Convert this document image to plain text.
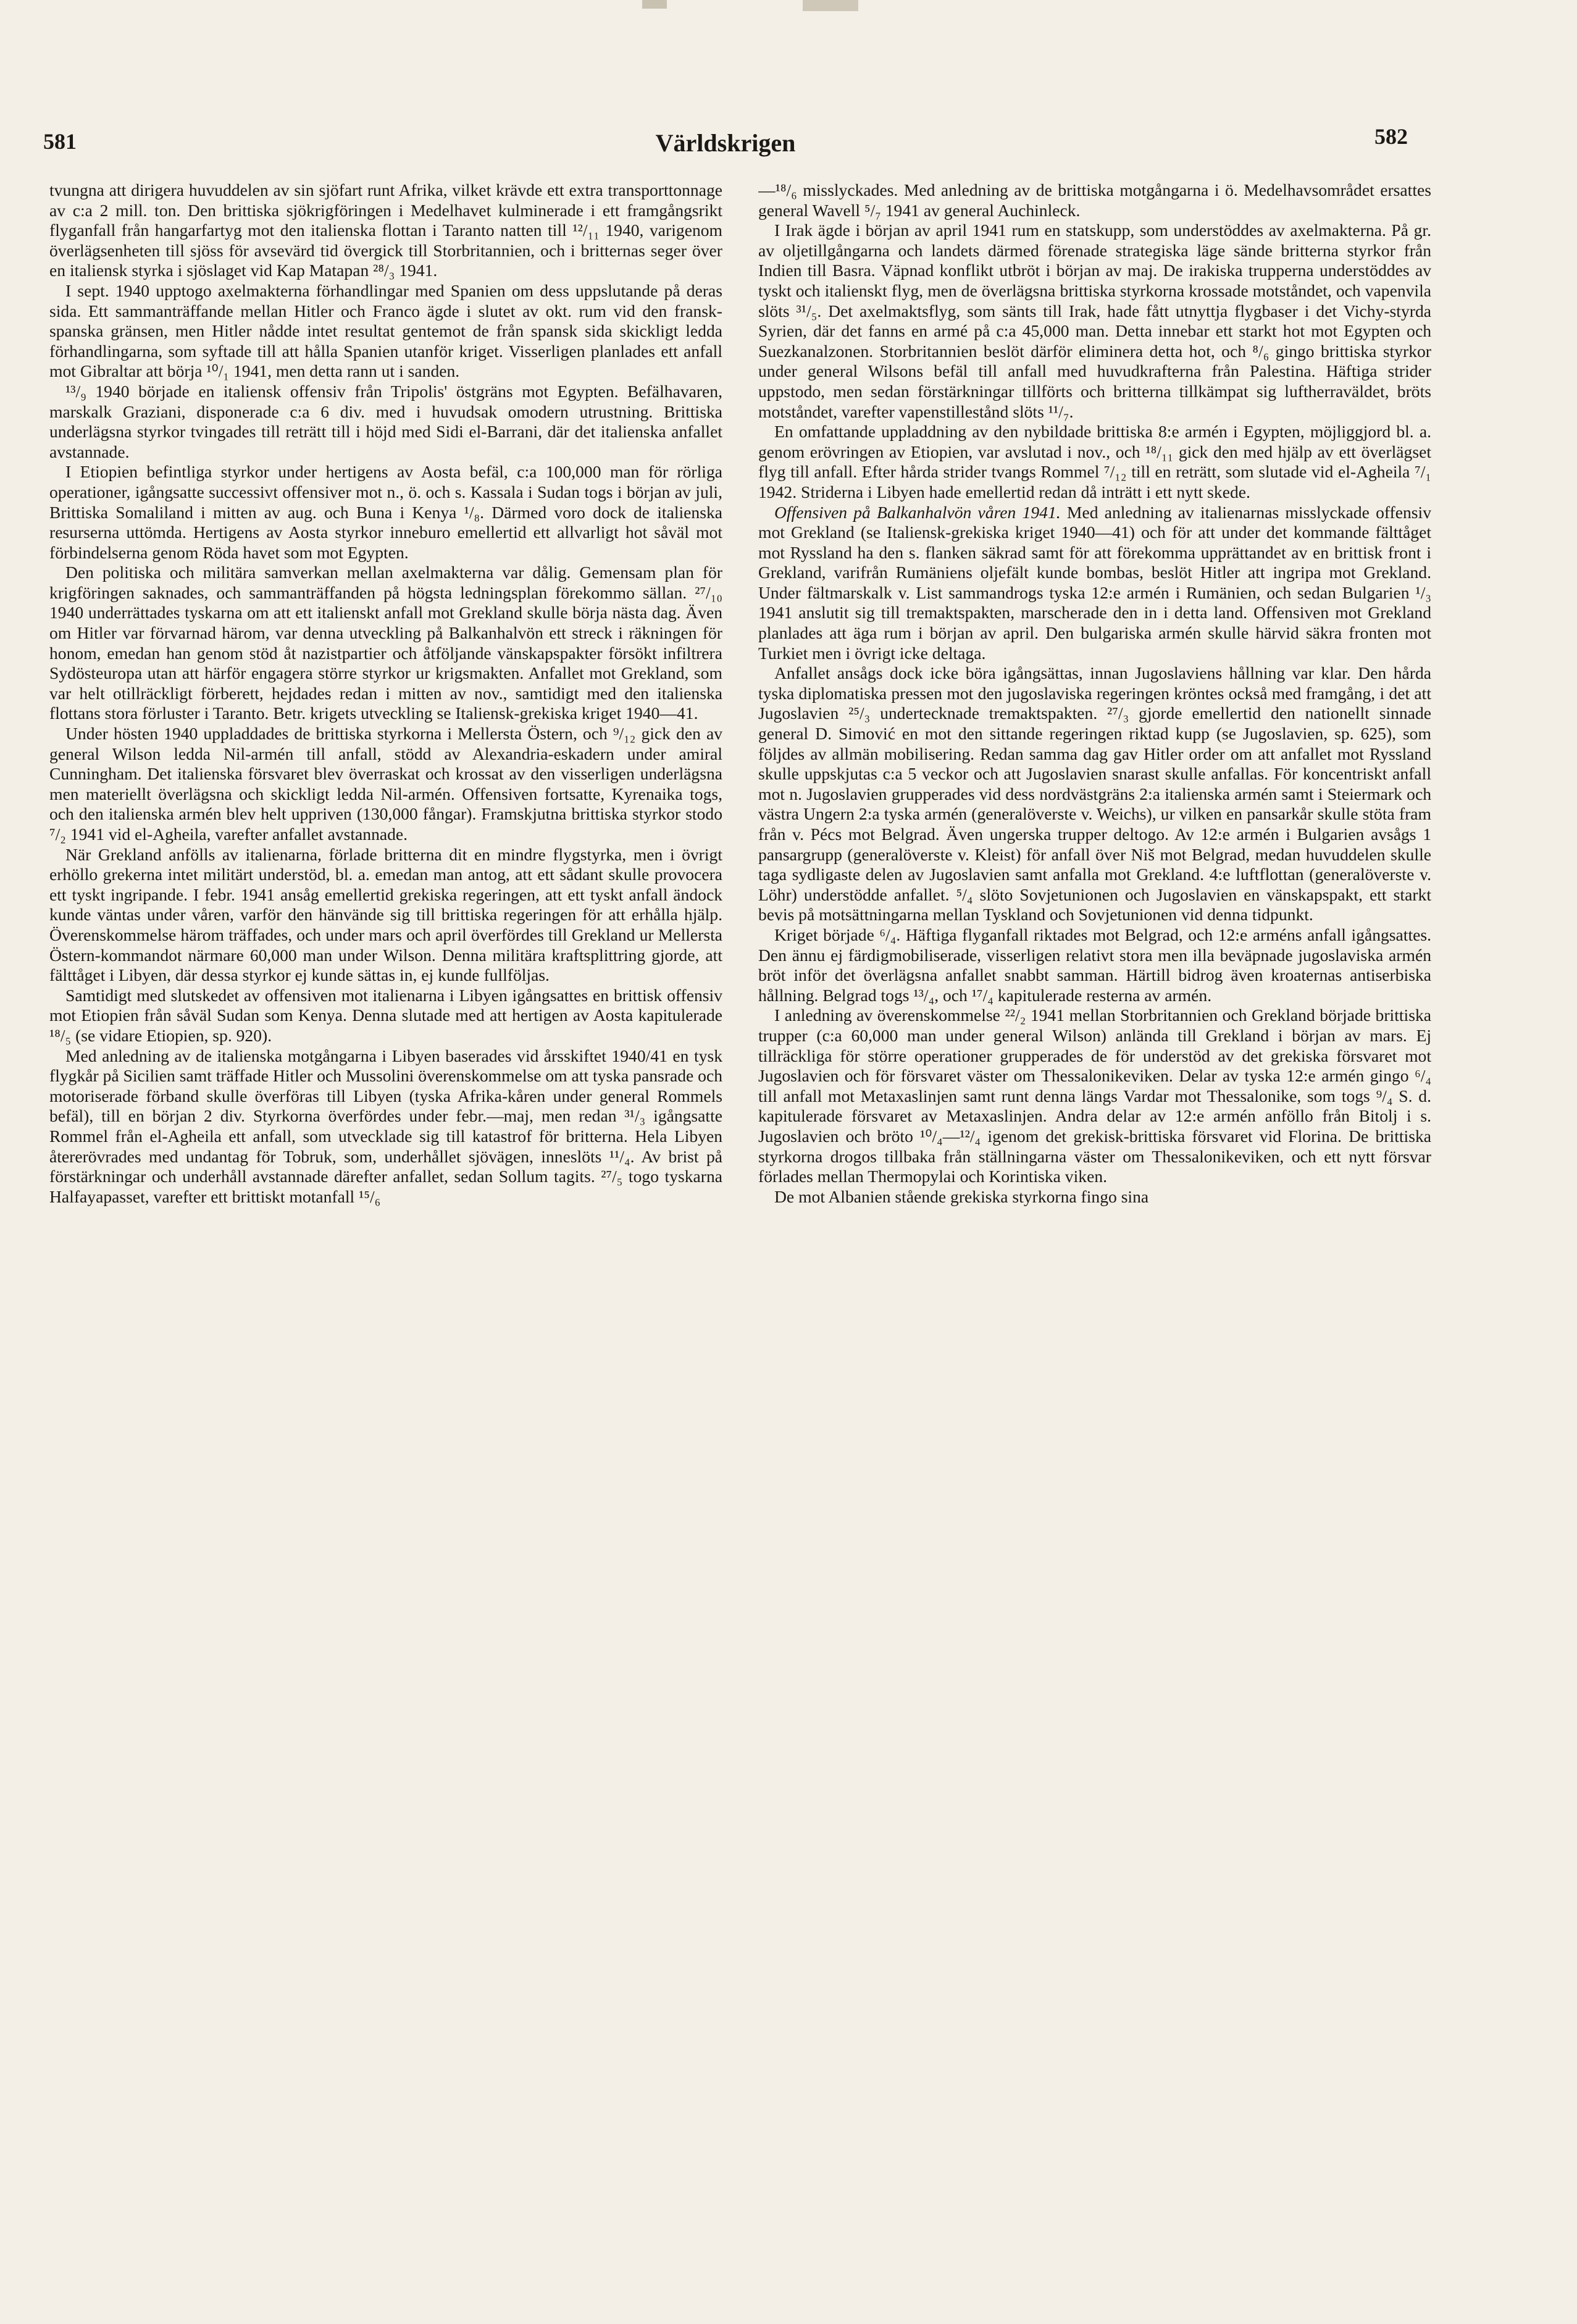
581	Världskrigen	582

tvungna att dirigera huvuddelen av sin sjöfart runt Afrika, vilket krävde ett extra transporttonnage av c:a 2 mill. ton. Den brittiska sjökrigföringen i Medelhavet kulminerade i ett framgångsrikt flyganfall från hangarfartyg mot den italienska flottan i Taranto natten till ¹²/₁₁ 1940, varigenom överlägsenheten till sjöss för avsevärd tid övergick till Storbritannien, och i britternas seger över en italiensk styrka i sjöslaget vid Kap Matapan ²⁸/₃ 1941.

I sept. 1940 upptogo axelmakterna förhandlingar med Spanien om dess uppslutande på deras sida. Ett sammanträffande mellan Hitler och Franco ägde i slutet av okt. rum vid den fransk-spanska gränsen, men Hitler nådde intet resultat gentemot de från spansk sida skickligt ledda förhandlingarna, som syftade till att hålla Spanien utanför kriget. Visserligen planlades ett anfall mot Gibraltar att börja ¹⁰/₁ 1941, men detta rann ut i sanden.

¹³/₉ 1940 började en italiensk offensiv från Tripolis' östgräns mot Egypten. Befälhavaren, marskalk Graziani, disponerade c:a 6 div. med i huvudsak omodern utrustning. Brittiska underlägsna styrkor tvingades till reträtt till i höjd med Sidi el-Barrani, där det italienska anfallet avstannade.

I Etiopien befintliga styrkor under hertigens av Aosta befäl, c:a 100,000 man för rörliga operationer, igångsatte successivt offensiver mot n., ö. och s. Kassala i Sudan togs i början av juli, Brittiska Somaliland i mitten av aug. och Buna i Kenya ¹/₈. Därmed voro dock de italienska resurserna uttömda. Hertigens av Aosta styrkor inneburo emellertid ett allvarligt hot såväl mot förbindelserna genom Röda havet som mot Egypten.

Den politiska och militära samverkan mellan axelmakterna var dålig. Gemensam plan för krigföringen saknades, och sammanträffanden på högsta ledningsplan förekommo sällan. ²⁷/₁₀ 1940 underrättades tyskarna om att ett italienskt anfall mot Grekland skulle börja nästa dag. Även om Hitler var förvarnad härom, var denna utveckling på Balkanhalvön ett streck i räkningen för honom, emedan han genom stöd åt nazistpartier och åtföljande vänskapspakter försökt infiltrera Sydösteuropa utan att härför engagera större styrkor ur krigsmakten. Anfallet mot Grekland, som var helt otillräckligt förberett, hejdades redan i mitten av nov., samtidigt med den italienska flottans stora förluster i Taranto. Betr. krigets utveckling se Italiensk-grekiska kriget 1940—41.

Under hösten 1940 uppladdades de brittiska styrkorna i Mellersta Östern, och ⁹/₁₂ gick den av general Wilson ledda Nil-armén till anfall, stödd av Alexandria-eskadern under amiral Cunningham. Det italienska försvaret blev överraskat och krossat av den visserligen underlägsna men materiellt överlägsna och skickligt ledda Nil-armén. Offensiven fortsatte, Kyrenaika togs, och den italienska armén blev helt uppriven (130,000 fångar). Framskjutna brittiska styrkor stodo ⁷/₂ 1941 vid el-Agheila, varefter anfallet avstannade.

När Grekland anfölls av italienarna, förlade britterna dit en mindre flygstyrka, men i övrigt erhöllo grekerna intet militärt understöd, bl. a. emedan man antog, att ett sådant skulle provocera ett tyskt ingripande. I febr. 1941 ansåg emellertid grekiska regeringen, att ett tyskt anfall ändock kunde väntas under våren, varför den hänvände sig till brittiska regeringen för att erhålla hjälp. Överenskommelse härom träffades, och under mars och april överfördes till Grekland ur Mellersta Östern-kommandot närmare 60,000 man under Wilson. Denna militära kraftsplittring gjorde, att fälttåget i Libyen, där dessa styrkor ej kunde sättas in, ej kunde fullföljas.

Samtidigt med slutskedet av offensiven mot italienarna i Libyen igångsattes en brittisk offensiv mot Etiopien från såväl Sudan som Kenya. Denna slutade med att hertigen av Aosta kapitulerade ¹⁸/₅ (se vidare Etiopien, sp. 920).

Med anledning av de italienska motgångarna i Libyen baserades vid årsskiftet 1940/41 en tysk flygkår på Sicilien samt träffade Hitler och Mussolini överenskommelse om att tyska pansrade och motoriserade förband skulle överföras till Libyen (tyska Afrika-kåren under general Rommels befäl), till en början 2 div. Styrkorna överfördes under febr.—maj, men redan ³¹/₃ igångsatte Rommel från el-Agheila ett anfall, som utvecklade sig till katastrof för britterna. Hela Libyen återerövrades med undantag för Tobruk, som, underhållet sjövägen, inneslöts ¹¹/₄. Av brist på förstärkningar och underhåll avstannade därefter anfallet, sedan Sollum tagits. ²⁷/₅ togo tyskarna Halfayapasset, varefter ett brittiskt motanfall ¹⁵/₆

—¹⁸/₆ misslyckades. Med anledning av de brittiska motgångarna i ö. Medelhavsområdet ersattes general Wavell ⁵/₇ 1941 av general Auchinleck.

I Irak ägde i början av april 1941 rum en statskupp, som understöddes av axelmakterna. På gr. av oljetillgångarna och landets därmed förenade strategiska läge sände britterna styrkor från Indien till Basra. Väpnad konflikt utbröt i början av maj. De irakiska trupperna understöddes av tyskt och italienskt flyg, men de överlägsna brittiska styrkorna krossade motståndet, och vapenvila slöts ³¹/₅. Det axelmaktsflyg, som sänts till Irak, hade fått utnyttja flygbaser i det Vichy-styrda Syrien, där det fanns en armé på c:a 45,000 man. Detta innebar ett starkt hot mot Egypten och Suezkanalzonen. Storbritannien beslöt därför eliminera detta hot, och ⁸/₆ gingo brittiska styrkor under general Wilsons befäl till anfall med huvudkrafterna från Palestina. Häftiga strider uppstodo, men sedan förstärkningar tillförts och britterna tillkämpat sig luftherraväldet, bröts motståndet, varefter vapenstillestånd slöts ¹¹/₇.

En omfattande uppladdning av den nybildade brittiska 8:e armén i Egypten, möjliggjord bl. a. genom erövringen av Etiopien, var avslutad i nov., och ¹⁸/₁₁ gick den med hjälp av ett överlägset flyg till anfall. Efter hårda strider tvangs Rommel ⁷/₁₂ till en reträtt, som slutade vid el-Agheila ⁷/₁ 1942. Striderna i Libyen hade emellertid redan då inträtt i ett nytt skede.

Offensiven på Balkanhalvön våren 1941. Med anledning av italienarnas misslyckade offensiv mot Grekland (se Italiensk-grekiska kriget 1940—41) och för att under det kommande fälttåget mot Ryssland ha den s. flanken säkrad samt för att förekomma upprättandet av en brittisk front i Grekland, varifrån Rumäniens oljefält kunde bombas, beslöt Hitler att ingripa mot Grekland. Under fältmarskalk v. List sammandrogs tyska 12:e armén i Rumänien, och sedan Bulgarien ¹/₃ 1941 anslutit sig till tremaktspakten, marscherade den in i detta land. Offensiven mot Grekland planlades att äga rum i början av april. Den bulgariska armén skulle härvid säkra fronten mot Turkiet men i övrigt icke deltaga.

Anfallet ansågs dock icke böra igångsättas, innan Jugoslaviens hållning var klar. Den hårda tyska diplomatiska pressen mot den jugoslaviska regeringen kröntes också med framgång, i det att Jugoslavien ²⁵/₃ undertecknade tremaktspakten. ²⁷/₃ gjorde emellertid den nationellt sinnade general D. Simović en mot den sittande regeringen riktad kupp (se Jugoslavien, sp. 625), som följdes av allmän mobilisering. Redan samma dag gav Hitler order om att anfallet mot Ryssland skulle uppskjutas c:a 5 veckor och att Jugoslavien snarast skulle anfallas. För koncentriskt anfall mot n. Jugoslavien grupperades vid dess nordvästgräns 2:a italienska armén samt i Steiermark och västra Ungern 2:a tyska armén (generalöverste v. Weichs), ur vilken en pansarkår skulle stöta fram från v. Pécs mot Belgrad. Även ungerska trupper deltogo. Av 12:e armén i Bulgarien avsågs 1 pansargrupp (generalöverste v. Kleist) för anfall över Niš mot Belgrad, medan huvuddelen skulle taga sydligaste delen av Jugoslavien samt anfalla mot Grekland. 4:e luftflottan (generalöverste v. Löhr) understödde anfallet. ⁵/₄ slöto Sovjetunionen och Jugoslavien en vänskapspakt, ett starkt bevis på motsättningarna mellan Tyskland och Sovjetunionen vid denna tidpunkt.

Kriget började ⁶/₄. Häftiga flyganfall riktades mot Belgrad, och 12:e arméns anfall igångsattes. Den ännu ej färdigmobiliserade, visserligen relativt stora men illa beväpnade jugoslaviska armén bröt inför det överlägsna anfallet snabbt samman. Härtill bidrog även kroaternas antiserbiska hållning. Belgrad togs ¹³/₄, och ¹⁷/₄ kapitulerade resterna av armén.

I anledning av överenskommelse ²²/₂ 1941 mellan Storbritannien och Grekland började brittiska trupper (c:a 60,000 man under general Wilson) anlända till Grekland i början av mars. Ej tillräckliga för större operationer grupperades de för understöd av det grekiska försvaret mot Jugoslavien och för försvaret väster om Thessalonikeviken. Delar av tyska 12:e armén gingo ⁶/₄ till anfall mot Metaxaslinjen samt runt denna längs Vardar mot Thessalonike, som togs ⁹/₄ S. d. kapitulerade försvaret av Metaxaslinjen. Andra delar av 12:e armén anföllo från Bitolj i s. Jugoslavien och bröto ¹⁰/₄—¹²/₄ igenom det grekisk-brittiska försvaret vid Florina. De brittiska styrkorna drogos tillbaka från ställningarna väster om Thessalonikeviken, och ett nytt försvar förlades mellan Thermopylai och Korintiska viken.

De mot Albanien stående grekiska styrkorna fingo sina
